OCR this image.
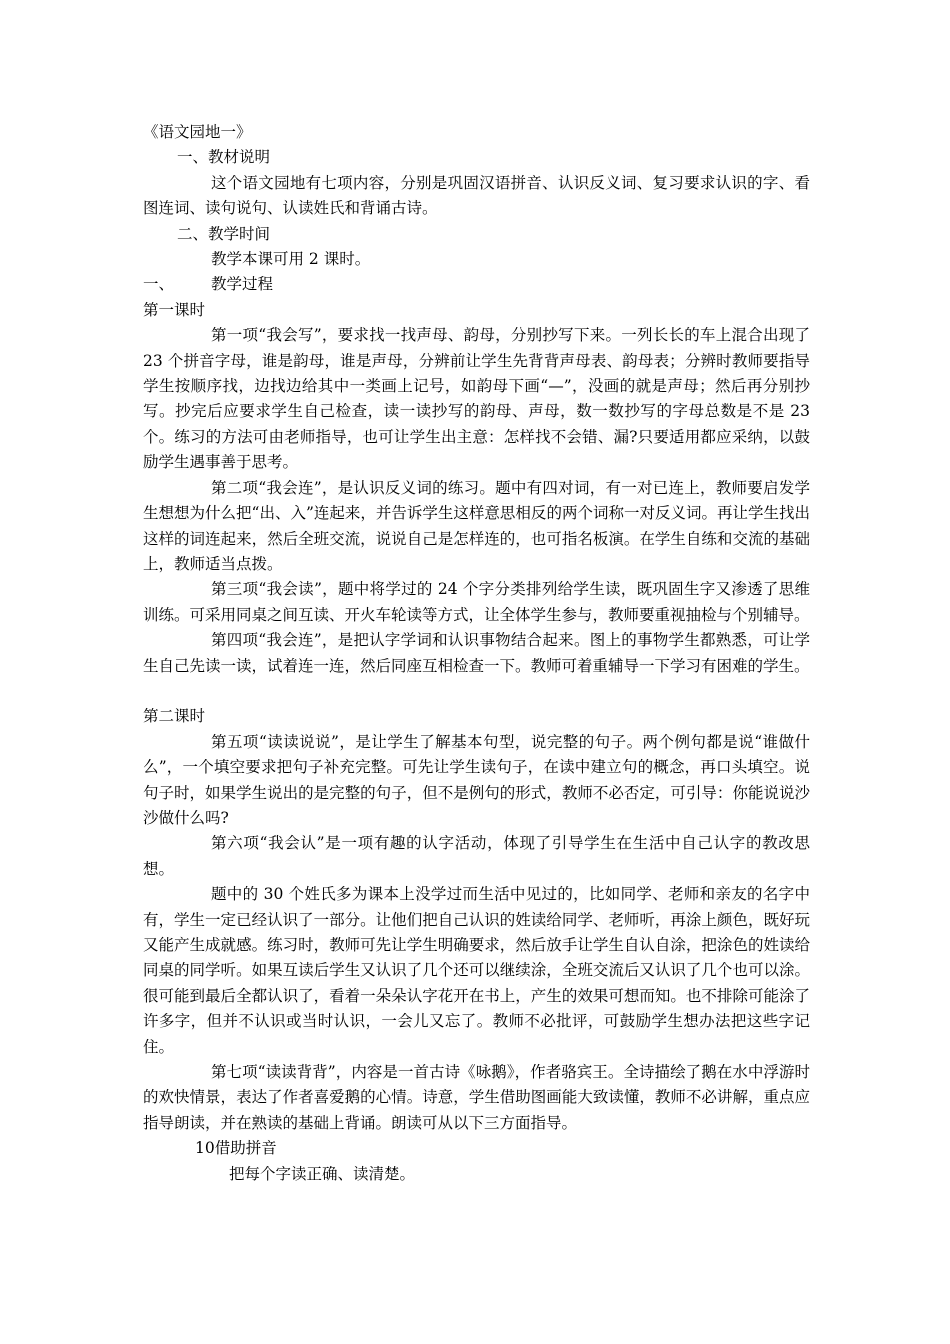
《语文园地一》

一、教材说明

这个语文园地有七项内容，分别是巩固汉语拼音、认识反义词、复习要求认识的字、看图连词、读句说句、认读姓氏和背诵古诗。

二、教学时间

教学本课可用 2 课时。

一、	教学过程

第一课时

第一项“我会写”，要求找一找声母、韵母，分别抄写下来。一列长长的车上混合出现了 23 个拼音字母，谁是韵母，谁是声母，分辨前让学生先背背声母表、韵母表；分辨时教师要指导学生按顺序找，边找边给其中一类画上记号，如韵母下画“—”，没画的就是声母；然后再分别抄写。抄完后应要求学生自己检查，读一读抄写的韵母、声母，数一数抄写的字母总数是不是 23 个。练习的方法可由老师指导，也可让学生出主意：怎样找不会错、漏?只要适用都应采纳，以鼓励学生遇事善于思考。

第二项“我会连”，是认识反义词的练习。题中有四对词，有一对已连上，教师要启发学生想想为什么把“出、入”连起来，并告诉学生这样意思相反的两个词称一对反义词。再让学生找出这样的词连起来，然后全班交流，说说自己是怎样连的，也可指名板演。在学生自练和交流的基础上，教师适当点拨。

第三项“我会读”，题中将学过的 24 个字分类排列给学生读，既巩固生字又渗透了思维训练。可采用同桌之间互读、开火车轮读等方式，让全体学生参与，教师要重视抽检与个别辅导。

第四项“我会连”，是把认字学词和认识事物结合起来。图上的事物学生都熟悉，可让学生自己先读一读，试着连一连，然后同座互相检查一下。教师可着重辅导一下学习有困难的学生。

第二课时

第五项“读读说说”，是让学生了解基本句型，说完整的句子。两个例句都是说“谁做什么”，一个填空要求把句子补充完整。可先让学生读句子，在读中建立句的概念，再口头填空。说句子时，如果学生说出的是完整的句子，但不是例句的形式，教师不必否定，可引导：你能说说沙沙做什么吗?

第六项“我会认”是一项有趣的认字活动，体现了引导学生在生活中自己认字的教改思想。

题中的 30 个姓氏多为课本上没学过而生活中见过的，比如同学、老师和亲友的名字中有，学生一定已经认识了一部分。让他们把自己认识的姓读给同学、老师听，再涂上颜色，既好玩又能产生成就感。练习时，教师可先让学生明确要求，然后放手让学生自认自涂，把涂色的姓读给同桌的同学听。如果互读后学生又认识了几个还可以继续涂，全班交流后又认识了几个也可以涂。很可能到最后全都认识了，看着一朵朵认字花开在书上，产生的效果可想而知。也不排除可能涂了许多字，但并不认识或当时认识，一会儿又忘了。教师不必批评，可鼓励学生想办法把这些字记住。

第七项“读读背背”，内容是一首古诗《咏鹅》，作者骆宾王。全诗描绘了鹅在水中浮游时的欢快情景，表达了作者喜爱鹅的心情。诗意，学生借助图画能大致读懂，教师不必讲解，重点应指导朗读，并在熟读的基础上背诵。朗读可从以下三方面指导。

10借助拼音

把每个字读正确、读清楚。
